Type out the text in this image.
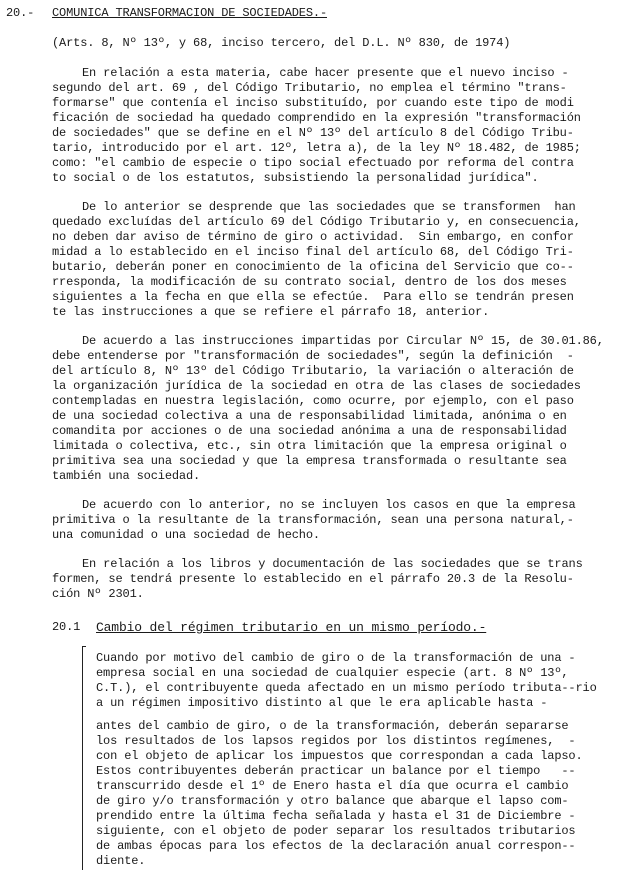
20.- COMUNICA TRANSFORMACION DE SOCIEDADES.-
(Arts. 8, Nº 13º, y 68, inciso tercero, del D.L. Nº 830, de 1974)
En relación a esta materia, cabe hacer presente que el nuevo inciso -
segundo del art. 69 , del Código Tributario, no emplea el término "trans-
formarse" que contenía el inciso substituído, por cuando este tipo de modi
ficación de sociedad ha quedado comprendido en la expresión "transformación
de sociedades" que se define en el Nº 13º del artículo 8 del Código Tribu-
tario, introducido por el art. 12º, letra a), de la ley Nº 18.482, de 1985;
como: "el cambio de especie o tipo social efectuado por reforma del contra
to social o de los estatutos, subsistiendo la personalidad jurídica".
De lo anterior se desprende que las sociedades que se transformen  han
quedado excluídas del artículo 69 del Código Tributario y, en consecuencia,
no deben dar aviso de término de giro o actividad.  Sin embargo, en confor
midad a lo establecido en el inciso final del artículo 68, del Código Tri-
butario, deberán poner en conocimiento de la oficina del Servicio que co--
rresponda, la modificación de su contrato social, dentro de los dos meses
siguientes a la fecha en que ella se efectúe.  Para ello se tendrán presen
te las instrucciones a que se refiere el párrafo 18, anterior.
De acuerdo a las instrucciones impartidas por Circular Nº 15, de 30.01.86,
debe entenderse por "transformación de sociedades", según la definición  -
del artículo 8, Nº 13º del Código Tributario, la variación o alteración de
la organización jurídica de la sociedad en otra de las clases de sociedades
contempladas en nuestra legislación, como ocurre, por ejemplo, con el paso
de una sociedad colectiva a una de responsabilidad limitada, anónima o en
comandita por acciones o de una sociedad anónima a una de responsabilidad
limitada o colectiva, etc., sin otra limitación que la empresa original o
primitiva sea una sociedad y que la empresa transformada o resultante sea
también una sociedad.
De acuerdo con lo anterior, no se incluyen los casos en que la empresa
primitiva o la resultante de la transformación, sean una persona natural,-
una comunidad o una sociedad de hecho.
En relación a los libros y documentación de las sociedades que se trans
formen, se tendrá presente lo establecido en el párrafo 20.3 de la Resolu-
ción Nº 2301.
20.1 Cambio del régimen tributario en un mismo período.-
Cuando por motivo del cambio de giro o de la transformación de una -
empresa social en una sociedad de cualquier especie (art. 8 Nº 13º,
C.T.), el contribuyente queda afectado en un mismo período tributa--rio
a un régimen impositivo distinto al que le era aplicable hasta -
antes del cambio de giro, o de la transformación, deberán separarse
los resultados de los lapsos regidos por los distintos regímenes,  -
con el objeto de aplicar los impuestos que correspondan a cada lapso.
Estos contribuyentes deberán practicar un balance por el tiempo   --
transcurrido desde el 1º de Enero hasta el día que ocurra el cambio
de giro y/o transformación y otro balance que abarque el lapso com-
prendido entre la última fecha señalada y hasta el 31 de Diciembre -
siguiente, con el objeto de poder separar los resultados tributarios
de ambas épocas para los efectos de la declaración anual correspon--
diente.
